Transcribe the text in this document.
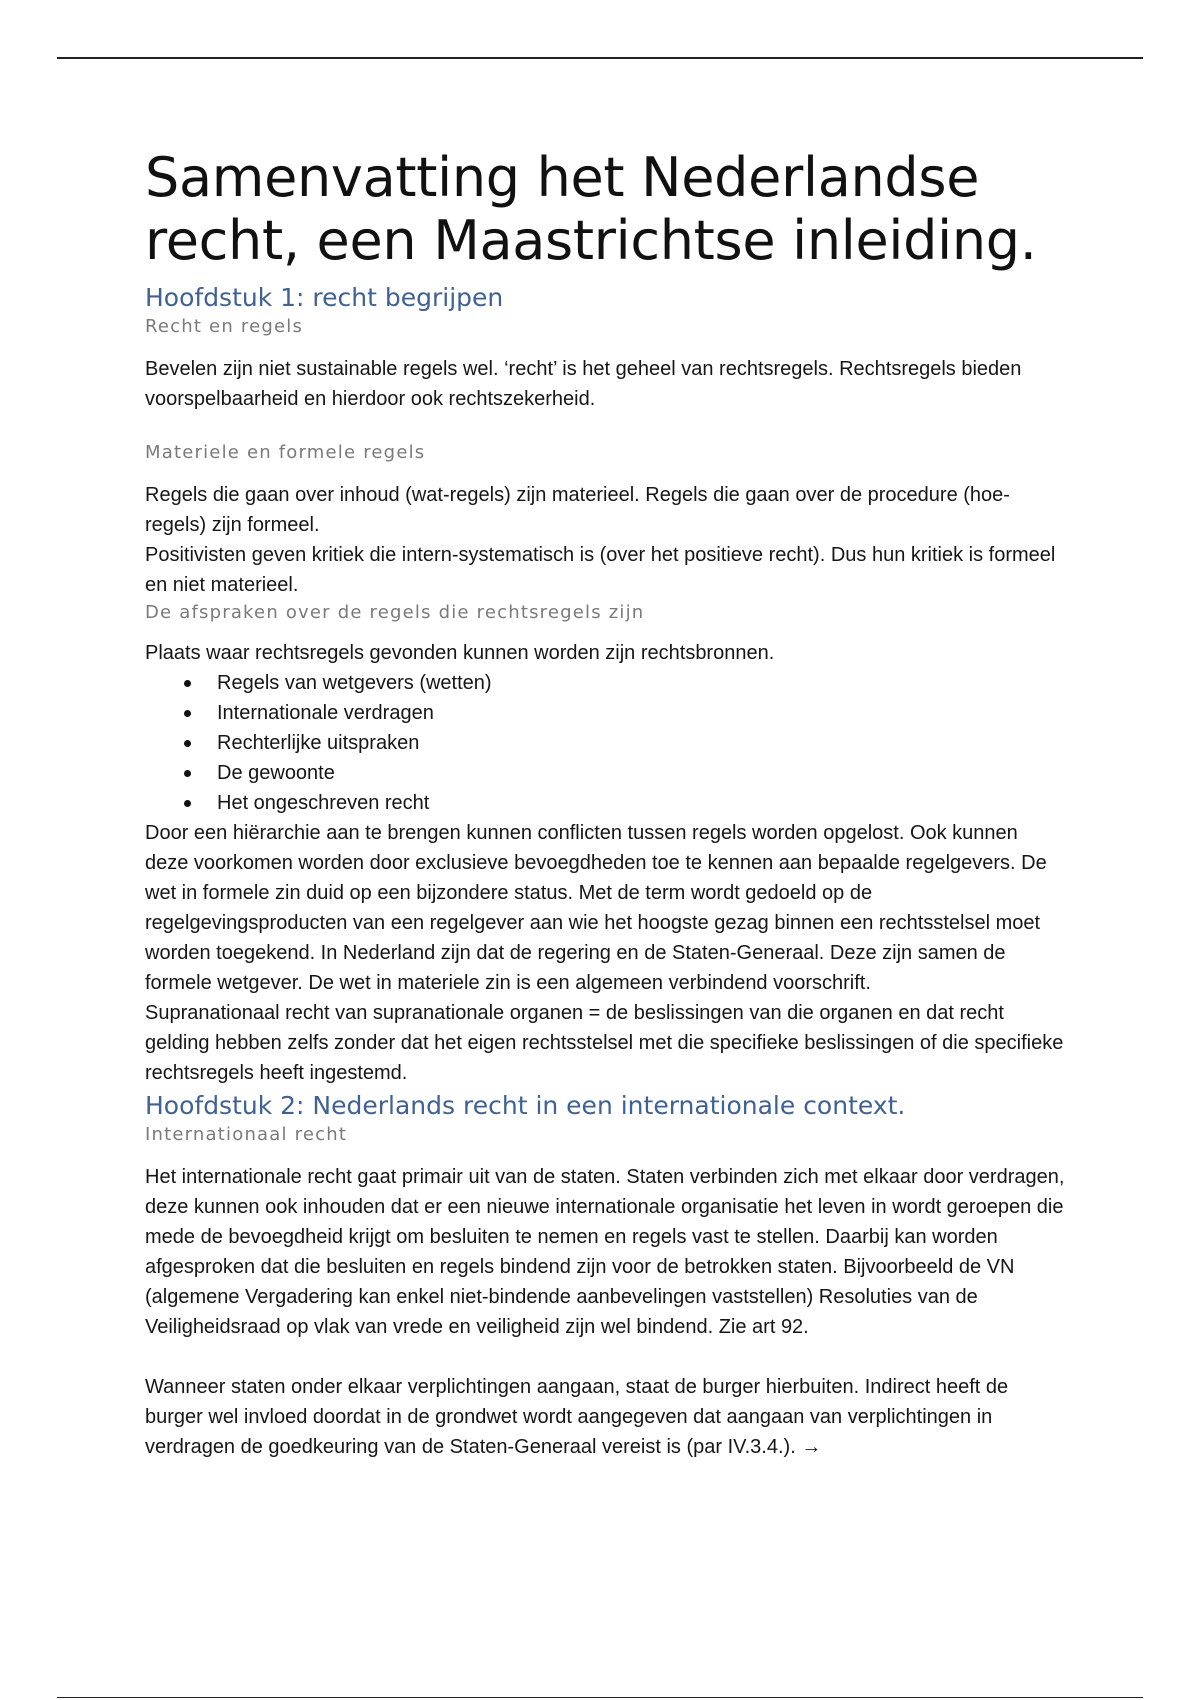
Samenvatting het Nederlandse recht, een Maastrichtse inleiding.
Hoofdstuk 1: recht begrijpen
Recht en regels

Bevelen zijn niet sustainable regels wel. ‘recht’ is het geheel van rechtsregels. Rechtsregels bieden voorspelbaarheid en hierdoor ook rechtszekerheid.

Materiele en formele regels

Regels die gaan over inhoud (wat-regels) zijn materieel. Regels die gaan over de procedure (hoe-regels) zijn formeel.

Positivisten geven kritiek die intern-systematisch is (over het positieve recht). Dus hun kritiek is formeel en niet materieel.

De afspraken over de regels die rechtsregels zijn

Plaats waar rechtsregels gevonden kunnen worden zijn rechtsbronnen.

Regels van wetgevers (wetten)
Internationale verdragen
Rechterlijke uitspraken
De gewoonte
Het ongeschreven recht

Door een hiërarchie aan te brengen kunnen conflicten tussen regels worden opgelost. Ook kunnen deze voorkomen worden door exclusieve bevoegdheden toe te kennen aan bepaalde regelgevers. De wet in formele zin duid op een bijzondere status. Met de term wordt gedoeld op de regelgevingsproducten van een regelgever aan wie het hoogste gezag binnen een rechtsstelsel moet worden toegekend. In Nederland zijn dat de regering en de Staten-Generaal. Deze zijn samen de formele wetgever. De wet in materiele zin is een algemeen verbindend voorschrift.

Supranationaal recht van supranationale organen = de beslissingen van die organen en dat recht gelding hebben zelfs zonder dat het eigen rechtsstelsel met die specifieke beslissingen of die specifieke rechtsregels heeft ingestemd.

Hoofdstuk 2: Nederlands recht in een internationale context.
Internationaal recht

Het internationale recht gaat primair uit van de staten. Staten verbinden zich met elkaar door verdragen, deze kunnen ook inhouden dat er een nieuwe internationale organisatie het leven in wordt geroepen die mede de bevoegdheid krijgt om besluiten te nemen en regels vast te stellen. Daarbij kan worden afgesproken dat die besluiten en regels bindend zijn voor de betrokken staten. Bijvoorbeeld de VN (algemene Vergadering kan enkel niet-bindende aanbevelingen vaststellen) Resoluties van de Veiligheidsraad op vlak van vrede en veiligheid zijn wel bindend. Zie art 92.

Wanneer staten onder elkaar verplichtingen aangaan, staat de burger hierbuiten. Indirect heeft de burger wel invloed doordat in de grondwet wordt aangegeven dat aangaan van verplichtingen in verdragen de goedkeuring van de Staten-Generaal vereist is (par IV.3.4.). →
